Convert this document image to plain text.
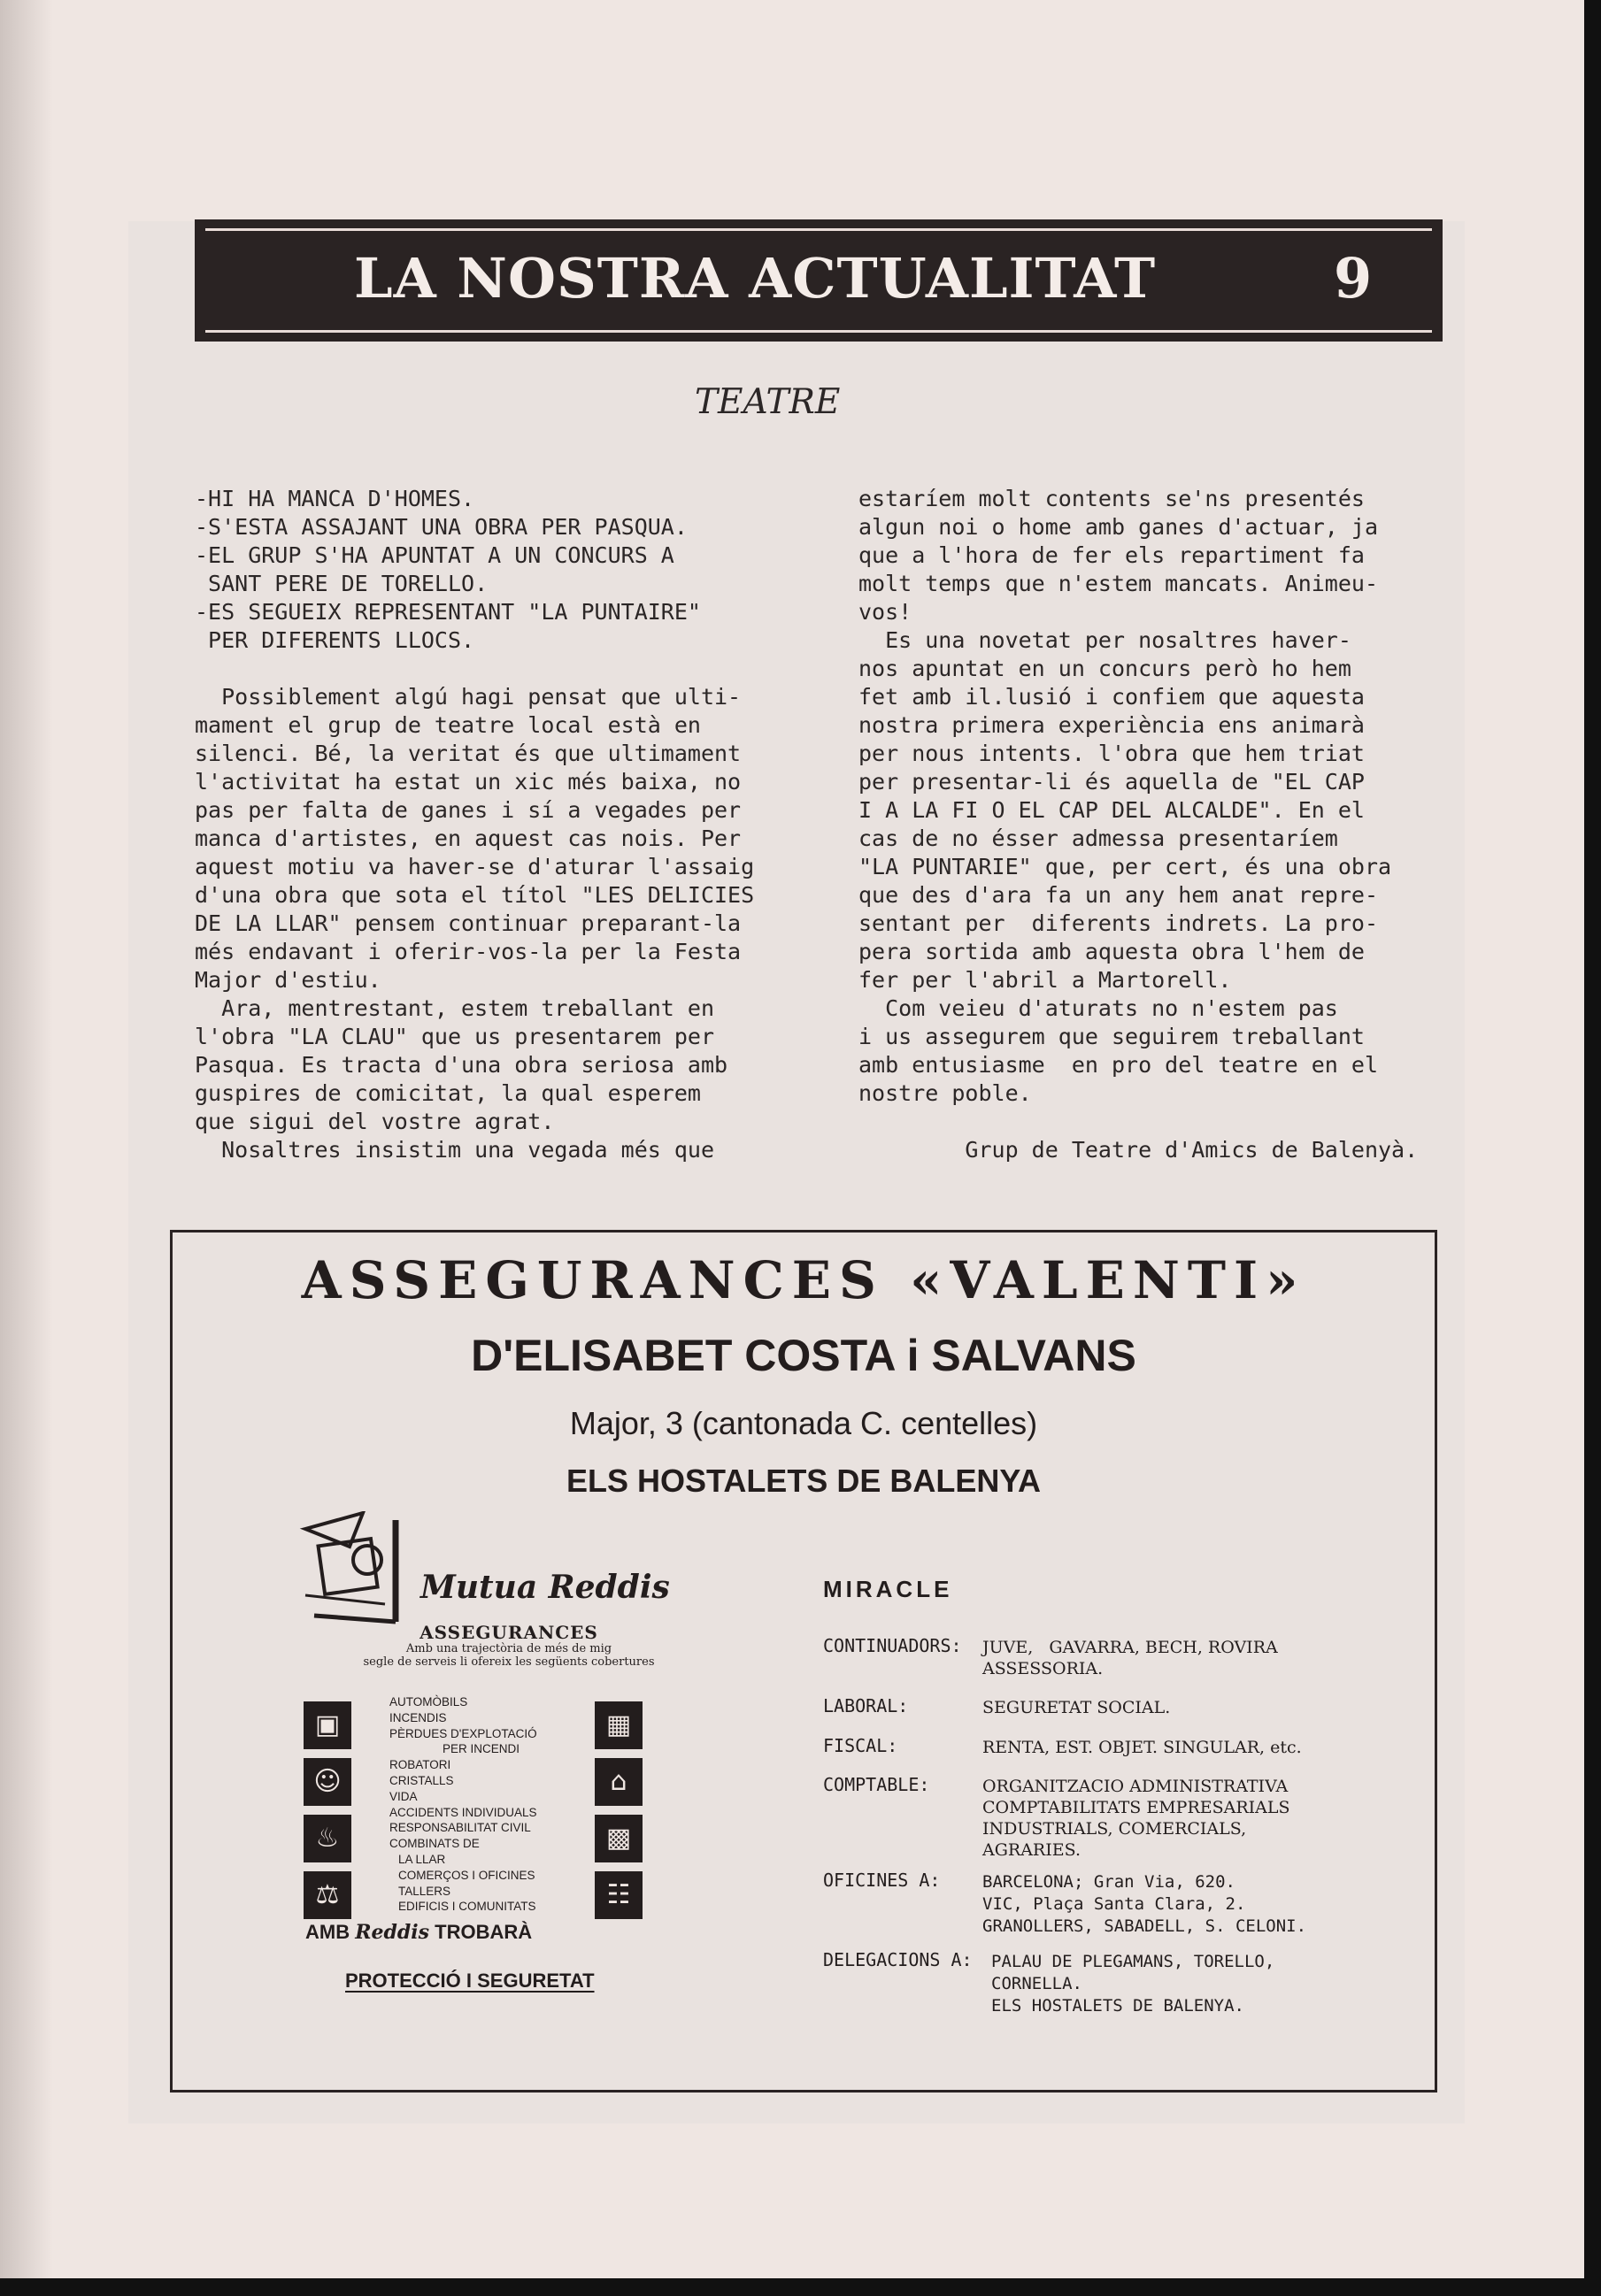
LA NOSTRA ACTUALITAT	9
TEATRE
-HI HA MANCA D'HOMES.
-S'ESTA ASSAJANT UNA OBRA PER PASQUA.
-EL GRUP S'HA APUNTAT A UN CONCURS A
SANT PERE DE TORELLO.
-ES SEGUEIX REPRESENTANT "LA PUNTAIRE"
PER DIFERENTS LLOCS.
Possiblement algú hagi pensat que ulti-
mament el grup de teatre local està en
silenci. Bé, la veritat és que ultimament
l'activitat ha estat un xic més baixa, no
pas per falta de ganes i sí a vegades per
manca d'artistes, en aquest cas nois. Per
aquest motiu va haver-se d'aturar l'assaig
d'una obra que sota el títol "LES DELICIES
DE LA LLAR" pensem continuar preparant-la
més endavant i oferir-vos-la per la Festa
Major d'estiu.
Ara, mentrestant, estem treballant en
l'obra "LA CLAU" que us presentarem per
Pasqua. Es tracta d'una obra seriosa amb
guspires de comicitat, la qual esperem
que sigui del vostre agrat.
Nosaltres insistim una vegada més que
estaríem molt contents se'ns presentés
algun noi o home amb ganes d'actuar, ja
que a l'hora de fer els repartiment fa
molt temps que n'estem mancats. Animeu-
vos!
Es una novetat per nosaltres haver-
nos apuntat en un concurs però ho hem
fet amb il.lusió i confiem que aquesta
nostra primera experiència ens animarà
per nous intents. l'obra que hem triat
per presentar-li és aquella de "EL CAP
I A LA FI O EL CAP DEL ALCALDE". En el
cas de no ésser admessa presentaríem
"LA PUNTARIE" que, per cert, és una obra
que des d'ara fa un any hem anat repre-
sentant per  diferents indrets. La pro-
pera sortida amb aquesta obra l'hem de
fer per l'abril a Martorell.
Com veieu d'aturats no n'estem pas
i us assegurem que seguirem treballant
amb entusiasme  en pro del teatre en el
nostre poble.
Grup de Teatre d'Amics de Balenyà.
ASSEGURANCES «VALENTI»
D'ELISABET COSTA i SALVANS
Major, 3 (cantonada C. centelles)
ELS HOSTALETS DE BALENYA
Mutua Reddis
ASSEGURANCES
Amb una trajectòria de més de mig
segle de serveis li ofereix les següents cobertures
▣
☺
♨
⚖
AUTOMÒBILS
INCENDIS
PÈRDUES D'EXPLOTACIÓ
PER INCENDI
ROBATORI
CRISTALLS
VIDA
ACCIDENTS INDIVIDUALS
RESPONSABILITAT CIVIL
COMBINATS DE
LA LLAR
COMERÇOS I OFICINES
TALLERS
EDIFICIS I COMUNITATS
▦
⌂
▩
☷
AMB Reddis TROBARÀ
PROTECCIÓ I SEGURETAT
MIRACLE
CONTINUADORS: JUVE,   GAVARRA, BECH, ROVIRA
ASSESSORIA.
LABORAL:	SEGURETAT SOCIAL.
FISCAL:	RENTA, EST. OBJET. SINGULAR, etc.
COMPTABLE:	ORGANITZACIO ADMINISTRATIVA
COMPTABILITATS EMPRESARIALS
INDUSTRIALS, COMERCIALS,
AGRARIES.
OFICINES A:	BARCELONA; Gran Via, 620.
VIC, Plaça Santa Clara, 2.
GRANOLLERS, SABADELL, S. CELONI.
DELEGACIONS A: PALAU DE PLEGAMANS, TORELLO,
CORNELLA.
ELS HOSTALETS DE BALENYA.
